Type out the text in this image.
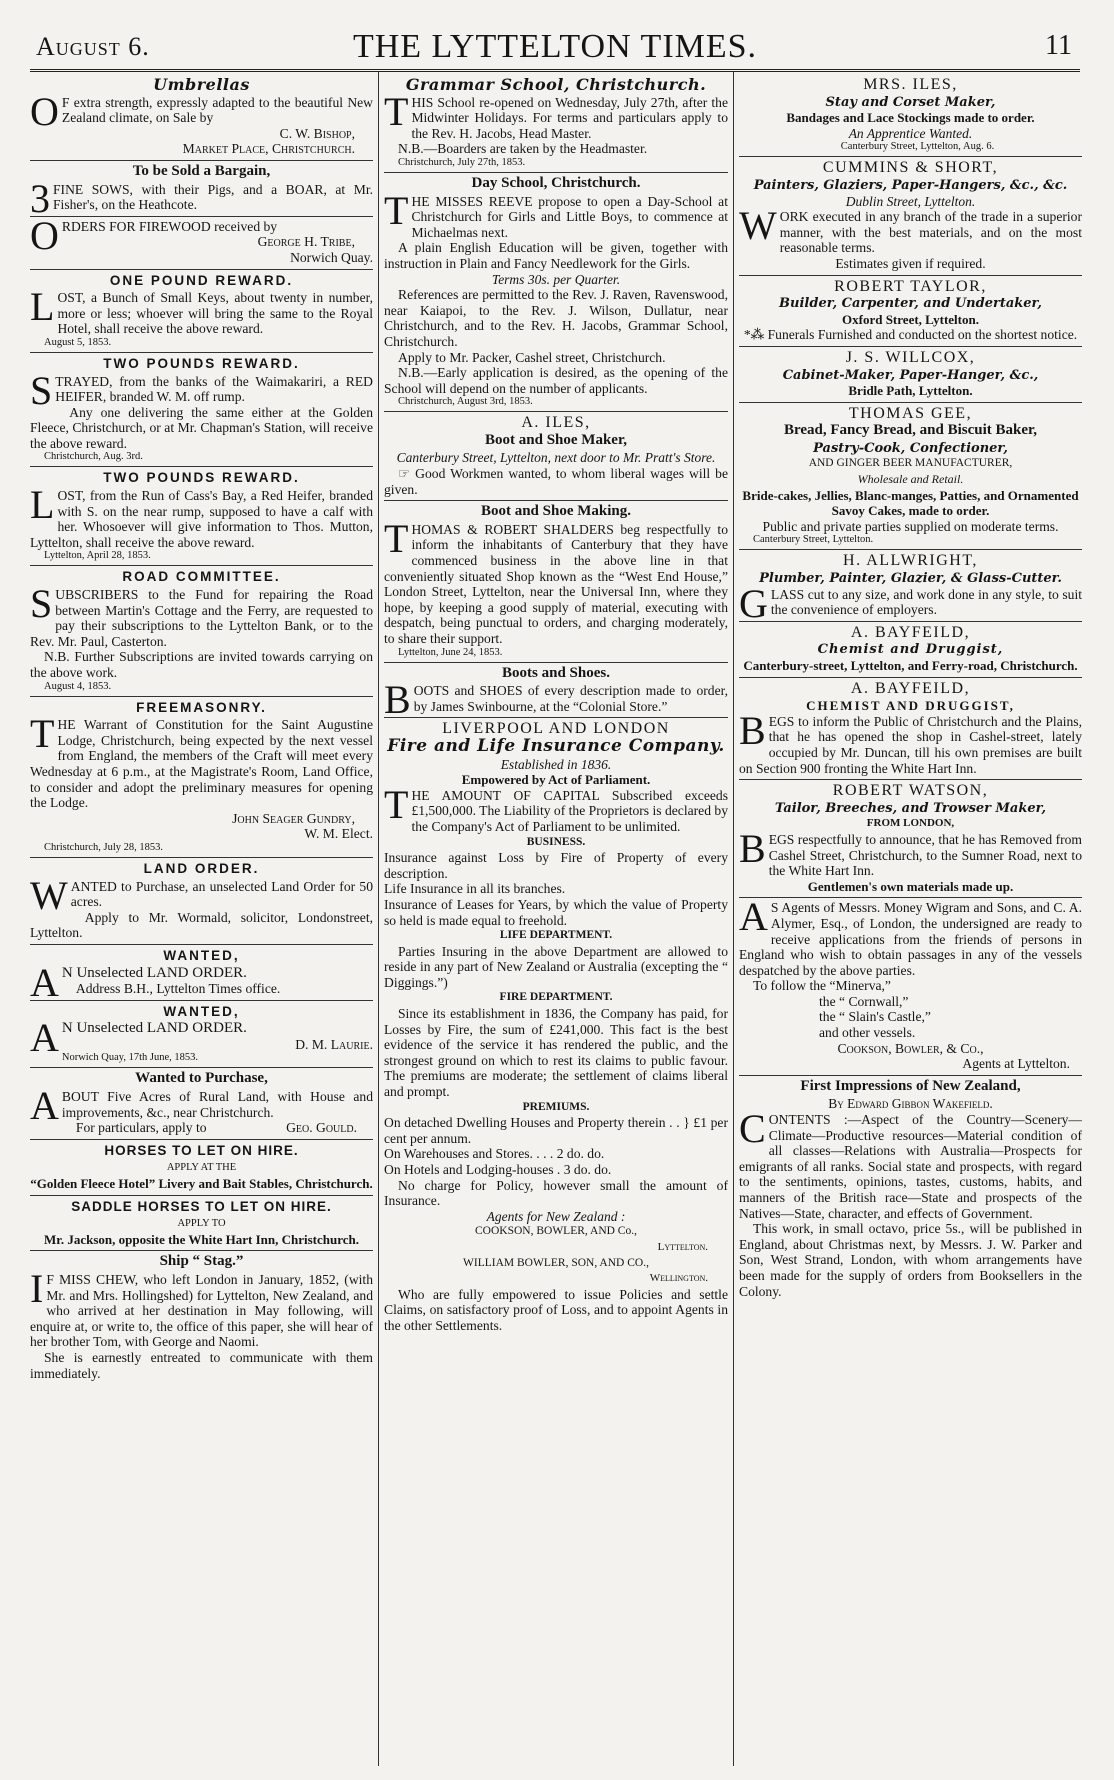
August 6.	THE LYTTELTON TIMES.	11
Umbrellas

OF extra strength, expressly adapted to the beautiful New Zealand climate, on Sale by

C. W. Bishop,
Market Place, Christchurch.
To be Sold a Bargain,

3FINE SOWS, with their Pigs, and a BOAR, at Mr. Fisher's, on the Heathcote.

ORDERS FOR FIREWOOD received by

George H. Tribe,
Norwich Quay.
ONE POUND REWARD.

LOST, a Bunch of Small Keys, about twenty in number, more or less; whoever will bring the same to the Royal Hotel, shall receive the above reward.

August 5, 1853.
TWO POUNDS REWARD.

STRAYED, from the banks of the Waimakariri, a RED HEIFER, branded W. M. off rump.

Any one delivering the same either at the Golden Fleece, Christchurch, or at Mr. Chapman's Station, will receive the above reward.

Christchurch, Aug. 3rd.
TWO POUNDS REWARD.

LOST, from the Run of Cass's Bay, a Red Heifer, branded with S. on the near rump, supposed to have a calf with her. Whosoever will give information to Thos. Mutton, Lyttelton, shall receive the above reward.

Lyttelton, April 28, 1853.
ROAD COMMITTEE.

SUBSCRIBERS to the Fund for repairing the Road between Martin's Cottage and the Ferry, are requested to pay their subscriptions to the Lyttelton Bank, or to the Rev. Mr. Paul, Casterton.

N.B. Further Subscriptions are invited towards carrying on the above work.

August 4, 1853.
FREEMASONRY.

THE Warrant of Constitution for the Saint Augustine Lodge, Christchurch, being expected by the next vessel from England, the members of the Craft will meet every Wednesday at 6 p.m., at the Magistrate's Room, Land Office, to consider and adopt the preliminary measures for opening the Lodge.

John Seager Gundry,
W. M. Elect.
Christchurch, July 28, 1853.
LAND ORDER.

WANTED to Purchase, an unselected Land Order for 50 acres.

Apply to Mr. Wormald, solicitor, Londonstreet, Lyttelton.

WANTED,

AN Unselected LAND ORDER.

Address B.H., Lyttelton Times office.

WANTED,

AN Unselected LAND ORDER.

D. M. Laurie.
Norwich Quay, 17th June, 1853.
Wanted to Purchase,

ABOUT Five Acres of Rural Land, with House and improvements, &c., near Christchurch.

For particulars, apply to	Geo. Gould.

HORSES TO LET ON HIRE.
APPLY AT THE
“Golden Fleece Hotel” Livery and Bait Stables, Christchurch.
SADDLE HORSES TO LET ON HIRE.
APPLY TO
Mr. Jackson, opposite the White Hart Inn, Christchurch.
Ship “ Stag.”

IF MISS CHEW, who left London in January, 1852, (with Mr. and Mrs. Hollingshed) for Lyttelton, New Zealand, and who arrived at her destination in May following, will enquire at, or write to, the office of this paper, she will hear of her brother Tom, with George and Naomi.

She is earnestly entreated to communicate with them immediately.

Grammar School, Christchurch.

THIS School re-opened on Wednesday, July 27th, after the Midwinter Holidays. For terms and particulars apply to the Rev. H. Jacobs, Head Master.

N.B.—Boarders are taken by the Headmaster.

Christchurch, July 27th, 1853.
Day School, Christchurch.

THE MISSES REEVE propose to open a Day-School at Christchurch for Girls and Little Boys, to commence at Michaelmas next.

A plain English Education will be given, together with instruction in Plain and Fancy Needlework for the Girls.

Terms 30s. per Quarter.

References are permitted to the Rev. J. Raven, Ravenswood, near Kaiapoi, to the Rev. J. Wilson, Dullatur, near Christchurch, and to the Rev. H. Jacobs, Grammar School, Christchurch.

Apply to Mr. Packer, Cashel street, Christchurch.

N.B.—Early application is desired, as the opening of the School will depend on the number of applicants.

Christchurch, August 3rd, 1853.
A. ILES,
Boot and Shoe Maker,
Canterbury Street, Lyttelton, next door to Mr. Pratt's Store.

☞ Good Workmen wanted, to whom liberal wages will be given.

Boot and Shoe Making.

THOMAS & ROBERT SHALDERS beg respectfully to inform the inhabitants of Canterbury that they have commenced business in the above line in that conveniently situated Shop known as the “West End House,” London Street, Lyttelton, near the Universal Inn, where they hope, by keeping a good supply of material, executing with despatch, being punctual to orders, and charging moderately, to share their support.

Lyttelton, June 24, 1853.
Boots and Shoes.

BOOTS and SHOES of every description made to order, by James Swinbourne, at the “Colonial Store.”

LIVERPOOL AND LONDON
Fire and Life Insurance Company.
Established in 1836.
Empowered by Act of Parliament.

THE AMOUNT OF CAPITAL Subscribed exceeds £1,500,000. The Liability of the Proprietors is declared by the Company's Act of Parliament to be unlimited.

BUSINESS.

Insurance against Loss by Fire of Property of every description.

Life Insurance in all its branches.

Insurance of Leases for Years, by which the value of Property so held is made equal to freehold.

LIFE DEPARTMENT.

Parties Insuring in the above Department are allowed to reside in any part of New Zealand or Australia (excepting the “ Diggings.”)

FIRE DEPARTMENT.

Since its establishment in 1836, the Company has paid, for Losses by Fire, the sum of £241,000. This fact is the best evidence of the service it has rendered the public, and the strongest ground on which to rest its claims to public favour. The premiums are moderate; the settlement of claims liberal and prompt.

PREMIUMS.

On detached Dwelling Houses and Property therein . . } £1 per cent per annum.

On Warehouses and Stores. . . . 2 do. do.

On Hotels and Lodging-houses . 3 do. do.

No charge for Policy, however small the amount of Insurance.

Agents for New Zealand :
COOKSON, BOWLER, AND Co.,
Lyttelton.
WILLIAM BOWLER, SON, AND CO.,
Wellington.

Who are fully empowered to issue Policies and settle Claims, on satisfactory proof of Loss, and to appoint Agents in the other Settlements.

MRS. ILES,
Stay and Corset Maker,
Bandages and Lace Stockings made to order.
An Apprentice Wanted.
Canterbury Street, Lyttelton, Aug. 6.
CUMMINS & SHORT,
Painters, Glaziers, Paper-Hangers, &c., &c.
Dublin Street, Lyttelton.

WORK executed in any branch of the trade in a superior manner, with the best materials, and on the most reasonable terms.

Estimates given if required.
ROBERT TAYLOR,
Builder, Carpenter, and Undertaker,
Oxford Street, Lyttelton.

*⁂ Funerals Furnished and conducted on the shortest notice.

J. S. WILLCOX,
Cabinet-Maker, Paper-Hanger, &c.,
Bridle Path, Lyttelton.
THOMAS GEE,
Bread, Fancy Bread, and Biscuit Baker,
Pastry-Cook, Confectioner,
AND GINGER BEER MANUFACTURER,
Wholesale and Retail.
Bride-cakes, Jellies, Blanc-manges, Patties, and Ornamented Savoy Cakes, made to order.

Public and private parties supplied on moderate terms.

Canterbury Street, Lyttelton.
H. ALLWRIGHT,
Plumber, Painter, Glazier, & Glass-Cutter.

GLASS cut to any size, and work done in any style, to suit the convenience of employers.

A. BAYFEILD,
Chemist and Druggist,
Canterbury-street, Lyttelton, and Ferry-road, Christchurch.
A. BAYFEILD,
CHEMIST AND DRUGGIST,

BEGS to inform the Public of Christchurch and the Plains, that he has opened the shop in Cashel-street, lately occupied by Mr. Duncan, till his own premises are built on Section 900 fronting the White Hart Inn.

ROBERT WATSON,
Tailor, Breeches, and Trowser Maker,
FROM LONDON,

BEGS respectfully to announce, that he has Removed from Cashel Street, Christchurch, to the Sumner Road, next to the White Hart Inn.

Gentlemen's own materials made up.

AS Agents of Messrs. Money Wigram and Sons, and C. A. Alymer, Esq., of London, the undersigned are ready to receive applications from the friends of persons in England who wish to obtain passages in any of the vessels despatched by the above parties.

To follow the “Minerva,”

the “ Cornwall,”
the “ Slain's Castle,”
and other vessels.
Cookson, Bowler, & Co.,
Agents at Lyttelton.
First Impressions of New Zealand,
By Edward Gibbon Wakefield.

CONTENTS :—Aspect of the Country—Scenery—Climate—Productive resources—Material condition of all classes—Relations with Australia—Prospects for emigrants of all ranks. Social state and prospects, with regard to the sentiments, opinions, tastes, customs, habits, and manners of the British race—State and prospects of the Natives—State, character, and effects of Government.

This work, in small octavo, price 5s., will be published in England, about Christmas next, by Messrs. J. W. Parker and Son, West Strand, London, with whom arrangements have been made for the supply of orders from Booksellers in the Colony.
